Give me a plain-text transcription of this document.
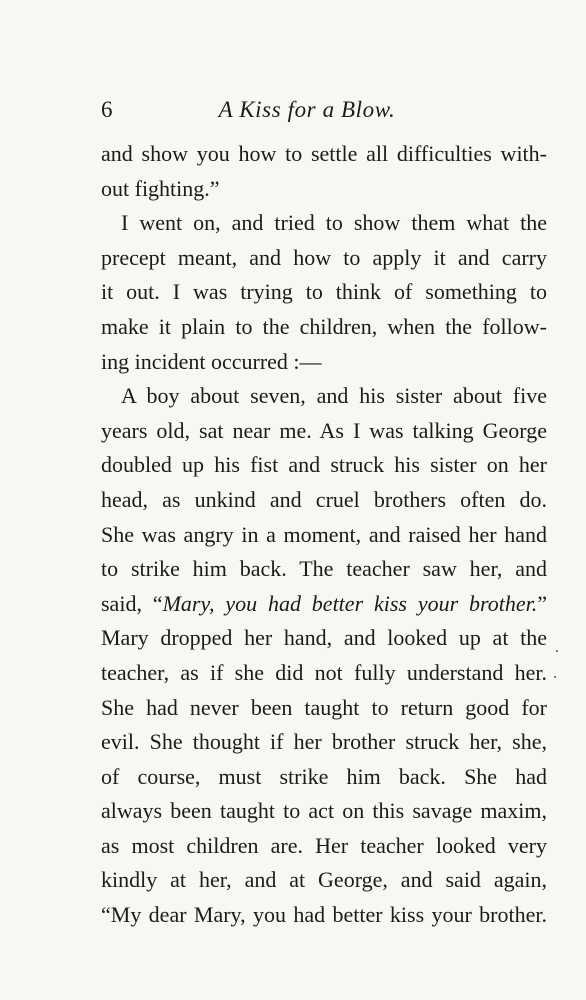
6	A Kiss for a Blow.
and show you how to settle all difficulties with-
out fighting.”
I went on, and tried to show them what the
precept meant, and how to apply it and carry
it out. I was trying to think of something to
make it plain to the children, when the follow-
ing incident occurred :—
A boy about seven, and his sister about five
years old, sat near me. As I was talking George
doubled up his fist and struck his sister on her
head, as unkind and cruel brothers often do.
She was angry in a moment, and raised her hand
to strike him back. The teacher saw her, and
said, “Mary, you had better kiss your brother.”
Mary dropped her hand, and looked up at the
teacher, as if she did not fully understand her.
She had never been taught to return good for
evil. She thought if her brother struck her, she,
of course, must strike him back. She had
always been taught to act on this savage maxim,
as most children are. Her teacher looked very
kindly at her, and at George, and said again,
“My dear Mary, you had better kiss your brother.
